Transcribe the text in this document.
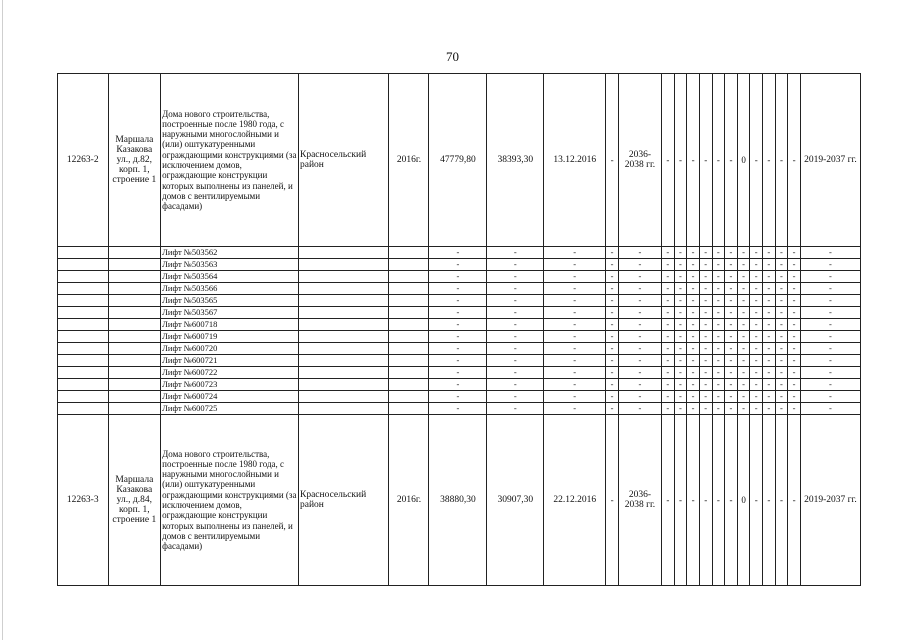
70
12263-2	Маршала Казакова ул., д.82, корп. 1, строение 1	Дома нового строительства, построенные после 1980 года, с наружными многослойными и (или) оштукатуренными ограждающими конструкциями (за исключением домов, ограждающие конструкции которых выполнены из панелей, и домов с вентилируемыми фасадами)	Красносельский район	2016г.	47779,80	38393,30	13.12.2016	-	2036-2038 гг.	-	-	-	-	-	-	0	-	-	-	-	2019-2037 гг.
		Лифт №503562			-	-	-	-	-	-	-	-	-	-	-	-	-	-	-	-	-
		Лифт №503563			-	-	-	-	-	-	-	-	-	-	-	-	-	-	-	-	-
		Лифт №503564			-	-	-	-	-	-	-	-	-	-	-	-	-	-	-	-	-
		Лифт №503566			-	-	-	-	-	-	-	-	-	-	-	-	-	-	-	-	-
		Лифт №503565			-	-	-	-	-	-	-	-	-	-	-	-	-	-	-	-	-
		Лифт №503567			-	-	-	-	-	-	-	-	-	-	-	-	-	-	-	-	-
		Лифт №600718			-	-	-	-	-	-	-	-	-	-	-	-	-	-	-	-	-
		Лифт №600719			-	-	-	-	-	-	-	-	-	-	-	-	-	-	-	-	-
		Лифт №600720			-	-	-	-	-	-	-	-	-	-	-	-	-	-	-	-	-
		Лифт №600721			-	-	-	-	-	-	-	-	-	-	-	-	-	-	-	-	-
		Лифт №600722			-	-	-	-	-	-	-	-	-	-	-	-	-	-	-	-	-
		Лифт №600723			-	-	-	-	-	-	-	-	-	-	-	-	-	-	-	-	-
		Лифт №600724			-	-	-	-	-	-	-	-	-	-	-	-	-	-	-	-	-
		Лифт №600725			-	-	-	-	-	-	-	-	-	-	-	-	-	-	-	-	-
12263-3	Маршала Казакова ул., д.84, корп. 1, строение 1	Дома нового строительства, построенные после 1980 года, с наружными многослойными и (или) оштукатуренными ограждающими конструкциями (за исключением домов, ограждающие конструкции которых выполнены из панелей, и домов с вентилируемыми фасадами)	Красносельский район	2016г.	38880,30	30907,30	22.12.2016	-	2036-2038 гг.	-	-	-	-	-	-	0	-	-	-	-	2019-2037 гг.
